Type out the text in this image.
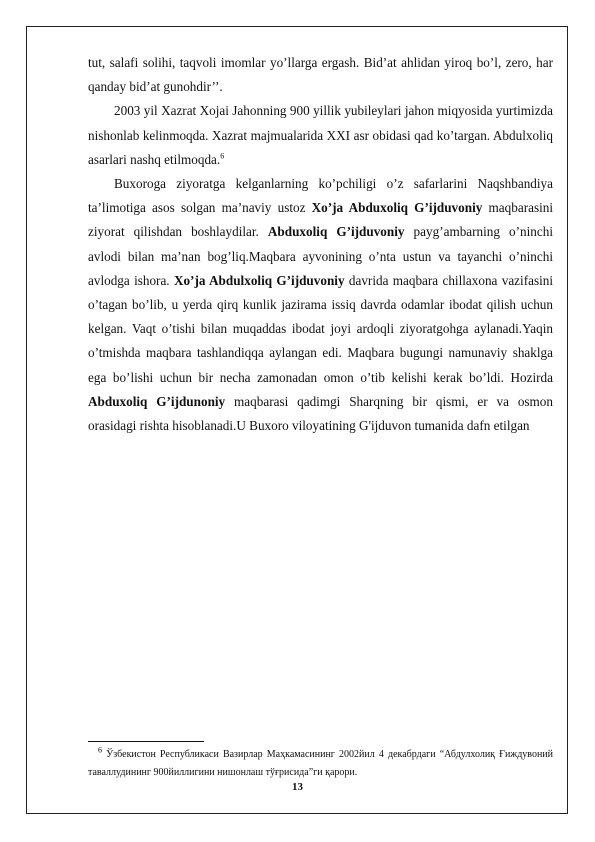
tut, salafi solihi, taqvoli imomlar yo’llarga ergash. Bid’at ahlidan yiroq bo’l, zero, har qanday bid’at gunohdir’’.

2003 yil Xazrat Xojai Jahonning 900 yillik yubileylari jahon miqyosida yurtimizda nishonlab kelinmoqda. Xazrat majmualarida XXI asr obidasi qad ko’targan. Abdulxoliq asarlari nashq etilmoqda.$^6$

Buxoroga ziyoratga kelganlarning ko’pchiligi o’z safarlarini Naqshbandiya ta’limotiga asos solgan ma’naviy ustoz Xo’ja Abduxoliq G’ijduvoniy maqbarasini ziyorat qilishdan boshlaydilar. Abduxoliq G’ijduvoniy payg’ambarning o’ninchi avlodi bilan ma’nan bog’liq.Maqbara ayvonining o’nta ustun va tayanchi o’ninchi avlodga ishora. Xo’ja Abdulxoliq G’ijduvoniy davrida maqbara chillaxona vazifasini o’tagan bo’lib, u yerda qirq kunlik jazirama issiq davrda odamlar ibodat qilish uchun kelgan. Vaqt o’tishi bilan muqaddas ibodat joyi ardoqli ziyoratgohga aylanadi.Yaqin o’tmishda maqbara tashlandiqqa aylangan edi. Maqbara bugungi namunaviy shaklga ega bo’lishi uchun bir necha zamonadan omon o’tib kelishi kerak bo’ldi. Hozirda Abduxoliq G’ijdunoniy maqbarasi qadimgi Sharqning bir qismi, er va osmon orasidagi rishta hisoblanadi.U Buxoro viloyatining G'ijduvon tumanida dafn etilgan

$^6$ Ўзбекистон Республикаси Вазирлар Маҳкамасининг 2002йил 4 декабрдаги “Абдулхолиқ Ғиждувоний таваллудининг 900йиллигини нишонлаш тўғрисида”ги қарори.
13
